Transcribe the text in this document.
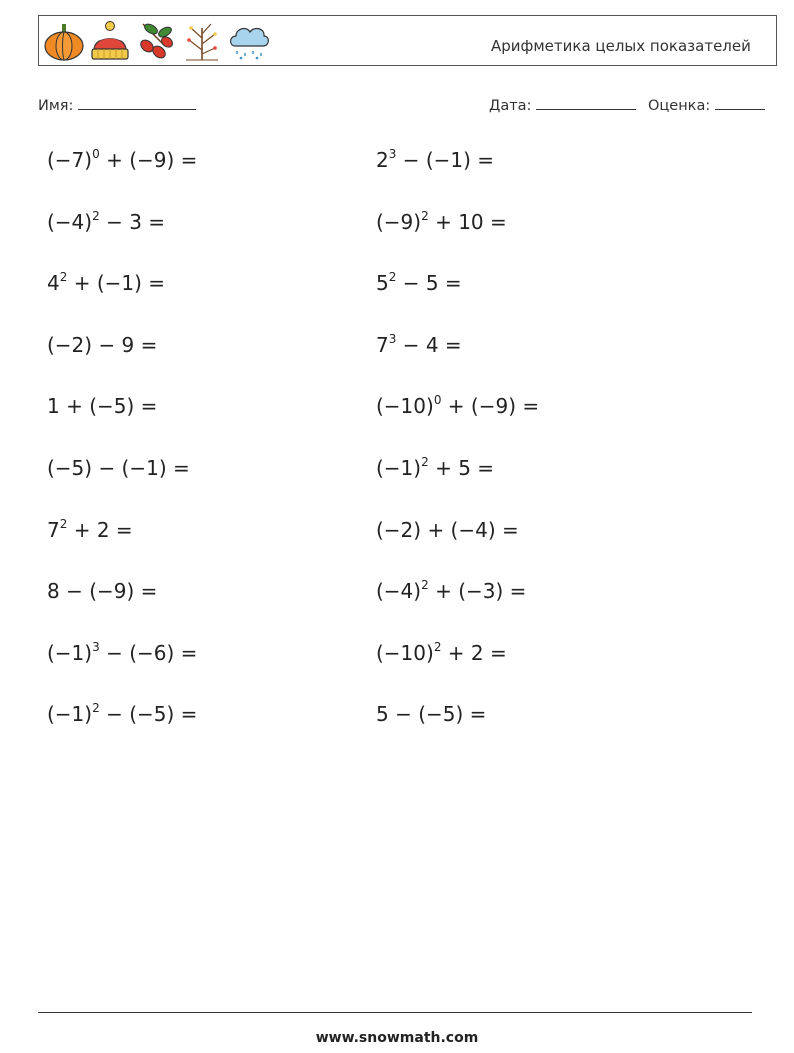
Арифметика целых показателей
Имя:	Дата:	Оценка:
$(-7)^0 + (-9)$ =	$2^3 - (-1)$ =
$(-4)^2 - 3$ =	$(-9)^2 + 10$ =
$4^2 + (-1)$ =	$5^2 - 5$ =
(−2) − 9 =	$7^3 - 4$ =
1 + (−5) =	$(-10)^0 + (-9)$ =
(−5) − (−1) =	$(-1)^2 + 5$ =
$7^2 + 2$ =	(−2) + (−4) =
8 − (−9) =	$(-4)^2 + (-3)$ =
$(-1)^3 - (-6)$ =	$(-10)^2 + 2$ =
$(-1)^2 - (-5)$ =	5 − (−5) =
www.snowmath.com
